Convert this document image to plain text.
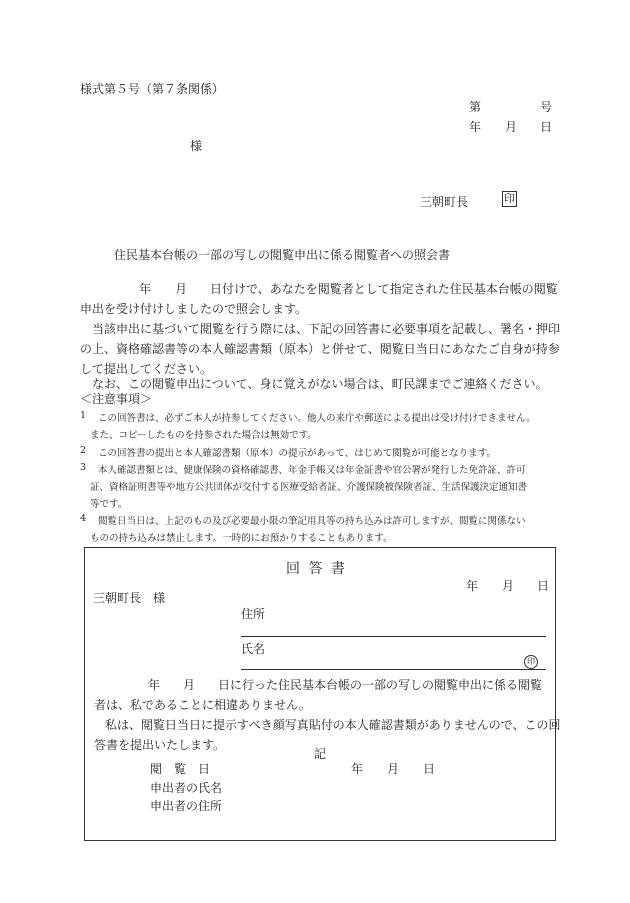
様式第５号（第７条関係）
第	号
年 月 日
様
三朝町長	印
住民基本台帳の一部の写しの閲覧申出に係る閲覧者への照会書
年 月 日付けで、あなたを閲覧者として指定された住民基本台帳の閲覧
申出を受け付けしましたので照会します。
当該申出に基づいて閲覧を行う際には、下記の回答書に必要事項を記載し、署名・押印
の上、資格確認書等の本人確認書類（原本）と併せて、閲覧日当日にあなたご自身が持参
して提出してください。
なお、この閲覧申出について、身に覚えがない場合は、町民課までご連絡ください。
＜注意事項＞
1 この回答書は、必ずご本人が持参してください。他人の来庁や郵送による提出は受け付けできません。
また、コピーしたものを持参された場合は無効です。
2 この回答書の提出と本人確認書類（原本）の提示があって、はじめて閲覧が可能となります。
3 本人確認書類とは、健康保険の資格確認書、年金手帳又は年金証書や官公署が発行した免許証、許可
証、資格証明書等や地方公共団体が交付する医療受給者証、介護保険被保険者証、生活保護決定通知書
等です。
4 閲覧日当日は、上記のもの及び必要最小限の筆記用具等の持ち込みは許可しますが、閲覧に関係ない
ものの持ち込みは禁止します。一時的にお預かりすることもあります。
回 答 書
年 月 日
三朝町長　様
住所
氏名
印
年 月 日に行った住民基本台帳の一部の写しの閲覧申出に係る閲覧
者は、私であることに相違ありません。
私は、閲覧日当日に提示すべき顔写真貼付の本人確認書類がありませんので、この回
答書を提出いたします。
記
閲　覧　日	年 月 日
申出者の氏名
申出者の住所
